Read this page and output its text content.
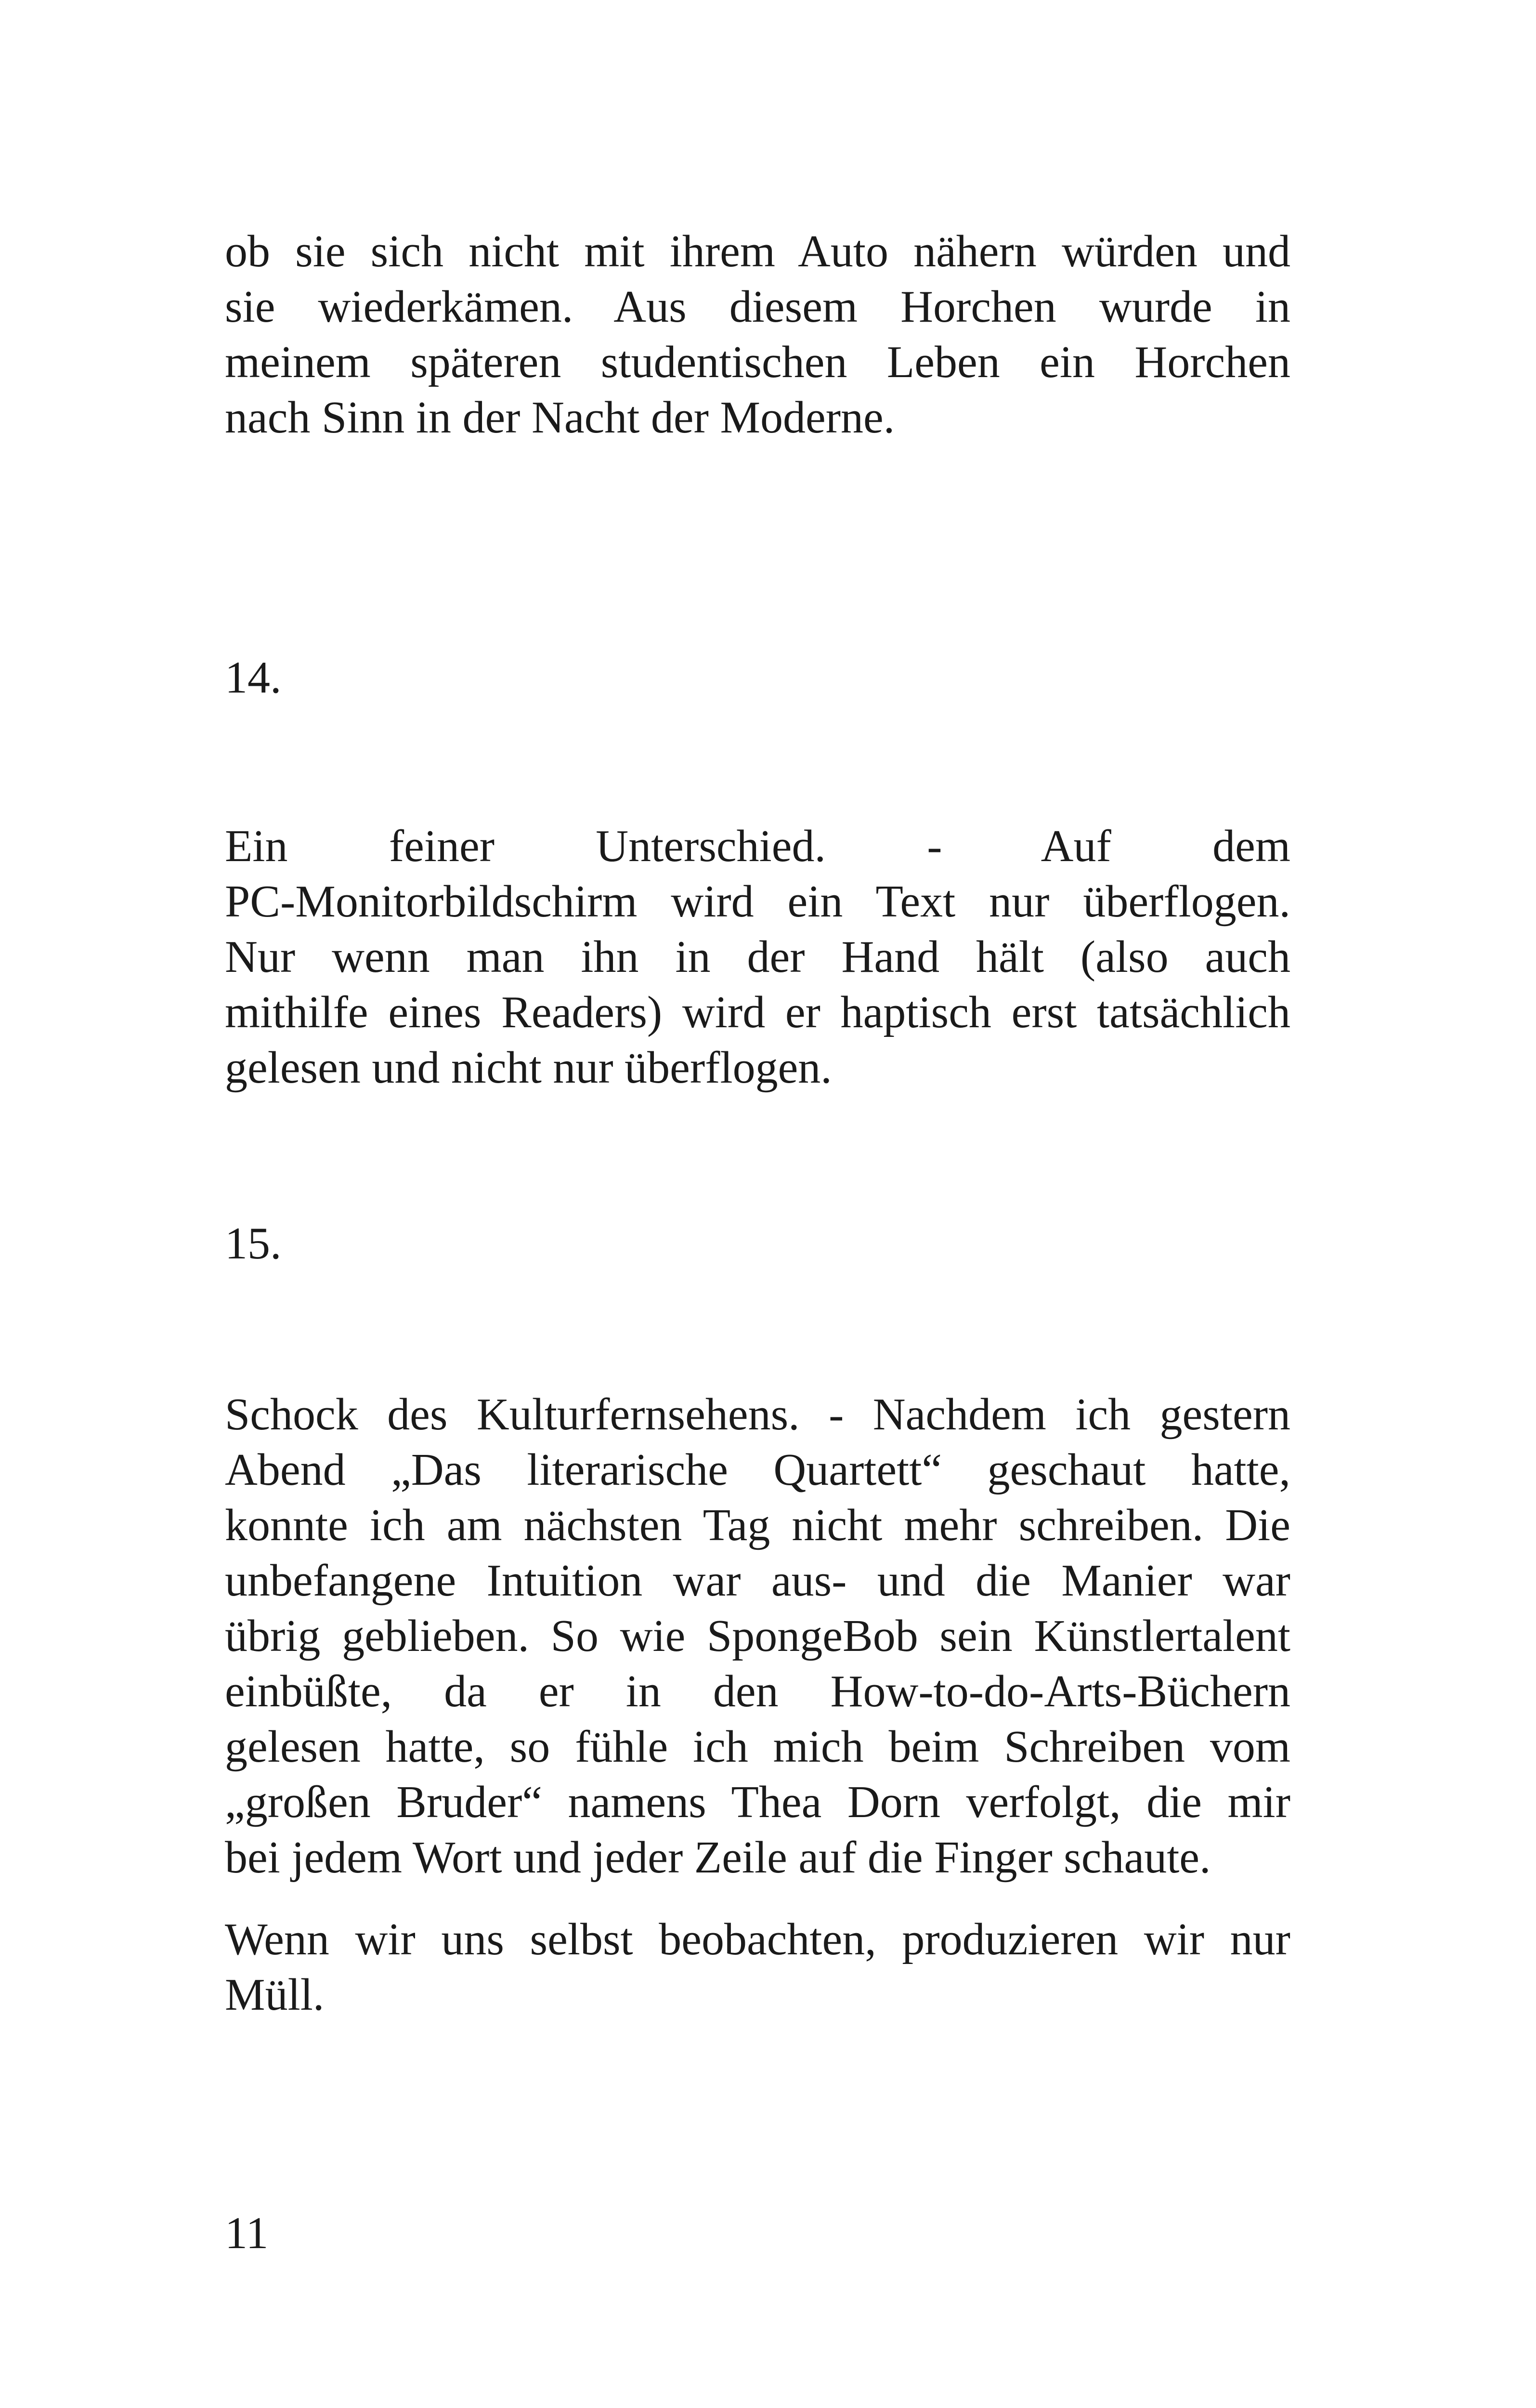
ob sie sich nicht mit ihrem Auto nähern würden und
sie wiederkämen. Aus diesem Horchen wurde in
meinem späteren studentischen Leben ein Horchen
nach Sinn in der Nacht der Moderne.

14.

Ein feiner Unterschied. - Auf dem
PC-Monitorbildschirm wird ein Text nur überflogen.
Nur wenn man ihn in der Hand hält (also auch
mithilfe eines Readers) wird er haptisch erst tatsächlich
gelesen und nicht nur überflogen.

15.

Schock des Kulturfernsehens. - Nachdem ich gestern
Abend „Das literarische Quartett“ geschaut hatte,
konnte ich am nächsten Tag nicht mehr schreiben. Die
unbefangene Intuition war aus- und die Manier war
übrig geblieben. So wie SpongeBob sein Künstlertalent
einbüßte, da er in den How-to-do-Arts-Büchern
gelesen hatte, so fühle ich mich beim Schreiben vom
„großen Bruder“ namens Thea Dorn verfolgt, die mir
bei jedem Wort und jeder Zeile auf die Finger schaute.
Wenn wir uns selbst beobachten, produzieren wir nur
Müll.

11
